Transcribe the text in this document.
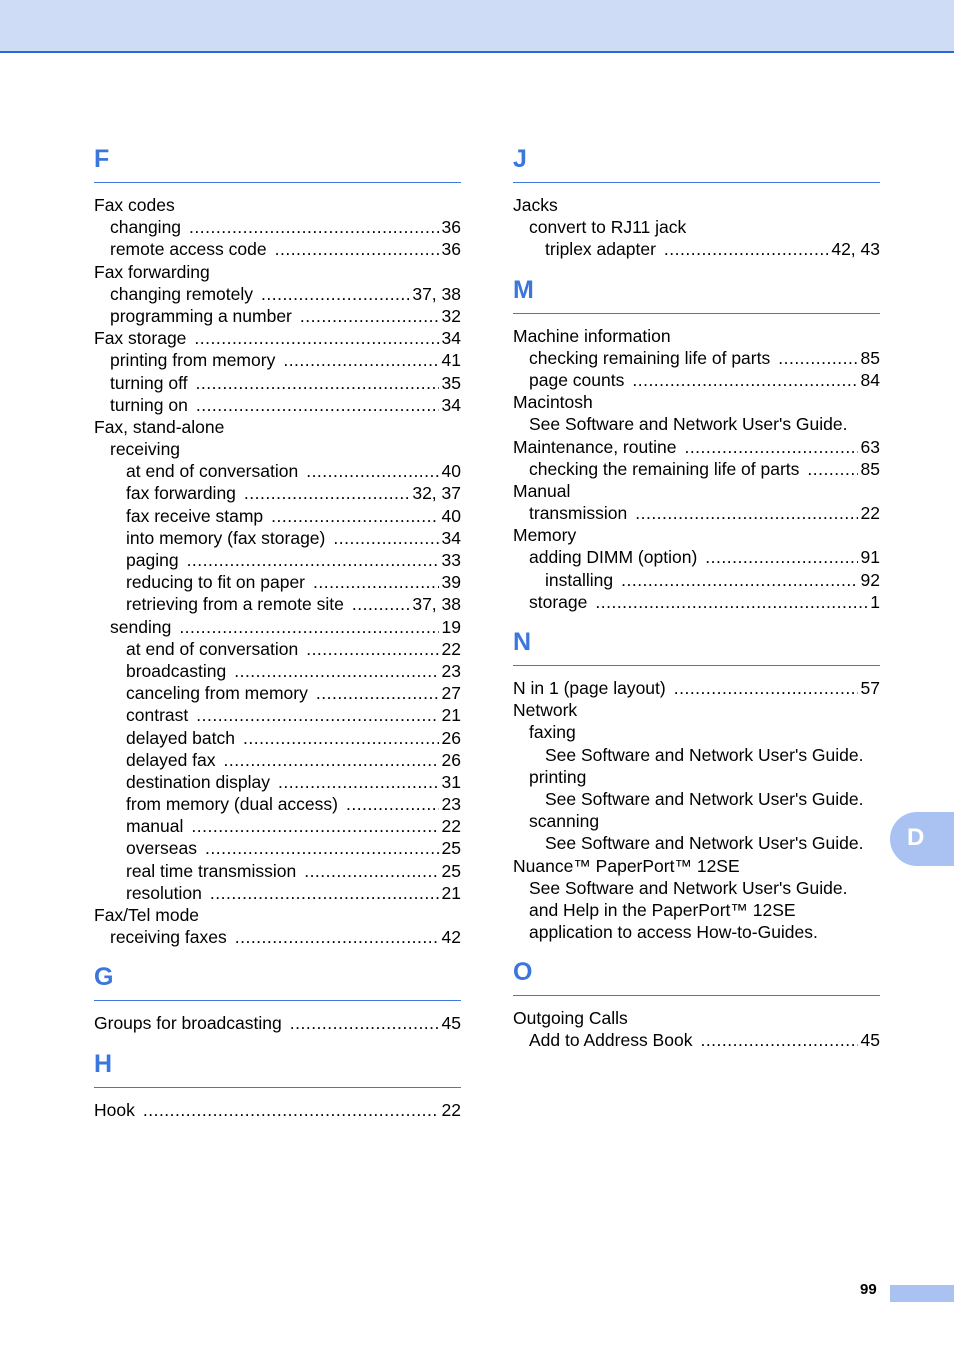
F
Fax codes
changing .....	36
remote access code .....	36
Fax forwarding
changing remotely .....	37, 38
programming a number .....	32
Fax storage .....	34
printing from memory .....	41
turning off .....	35
turning on .....	34
Fax, stand-alone
receiving
at end of conversation .....	40
fax forwarding .....	32, 37
fax receive stamp .....	40
into memory (fax storage) .....	34
paging .....	33
reducing to fit on paper .....	39
retrieving from a remote site .....	37, 38
sending .....	19
at end of conversation .....	22
broadcasting .....	23
canceling from memory .....	27
contrast .....	21
delayed batch .....	26
delayed fax .....	26
destination display .....	31
from memory (dual access) .....	23
manual .....	22
overseas .....	25
real time transmission .....	25
resolution .....	21
Fax/Tel mode
receiving faxes .....	42
G
Groups for broadcasting .....	45
H
Hook .....	22
J
Jacks
convert to RJ11 jack
triplex adapter .....	42, 43
M
Machine information
checking remaining life of parts .....	85
page counts .....	84
Macintosh
See Software and Network User's Guide.
Maintenance, routine .....	63
checking the remaining life of parts .....	85
Manual
transmission .....	22
Memory
adding DIMM (option) .....	91
installing .....	92
storage .....	1
N
N in 1 (page layout) .....	57
Network
faxing
See Software and Network User's Guide.
printing
See Software and Network User's Guide.
scanning
See Software and Network User's Guide.
Nuance™ PaperPort™ 12SE
See Software and Network User's Guide.
and Help in the PaperPort™ 12SE
application to access How-to-Guides.
O
Outgoing Calls
Add to Address Book .....	45
D
99
